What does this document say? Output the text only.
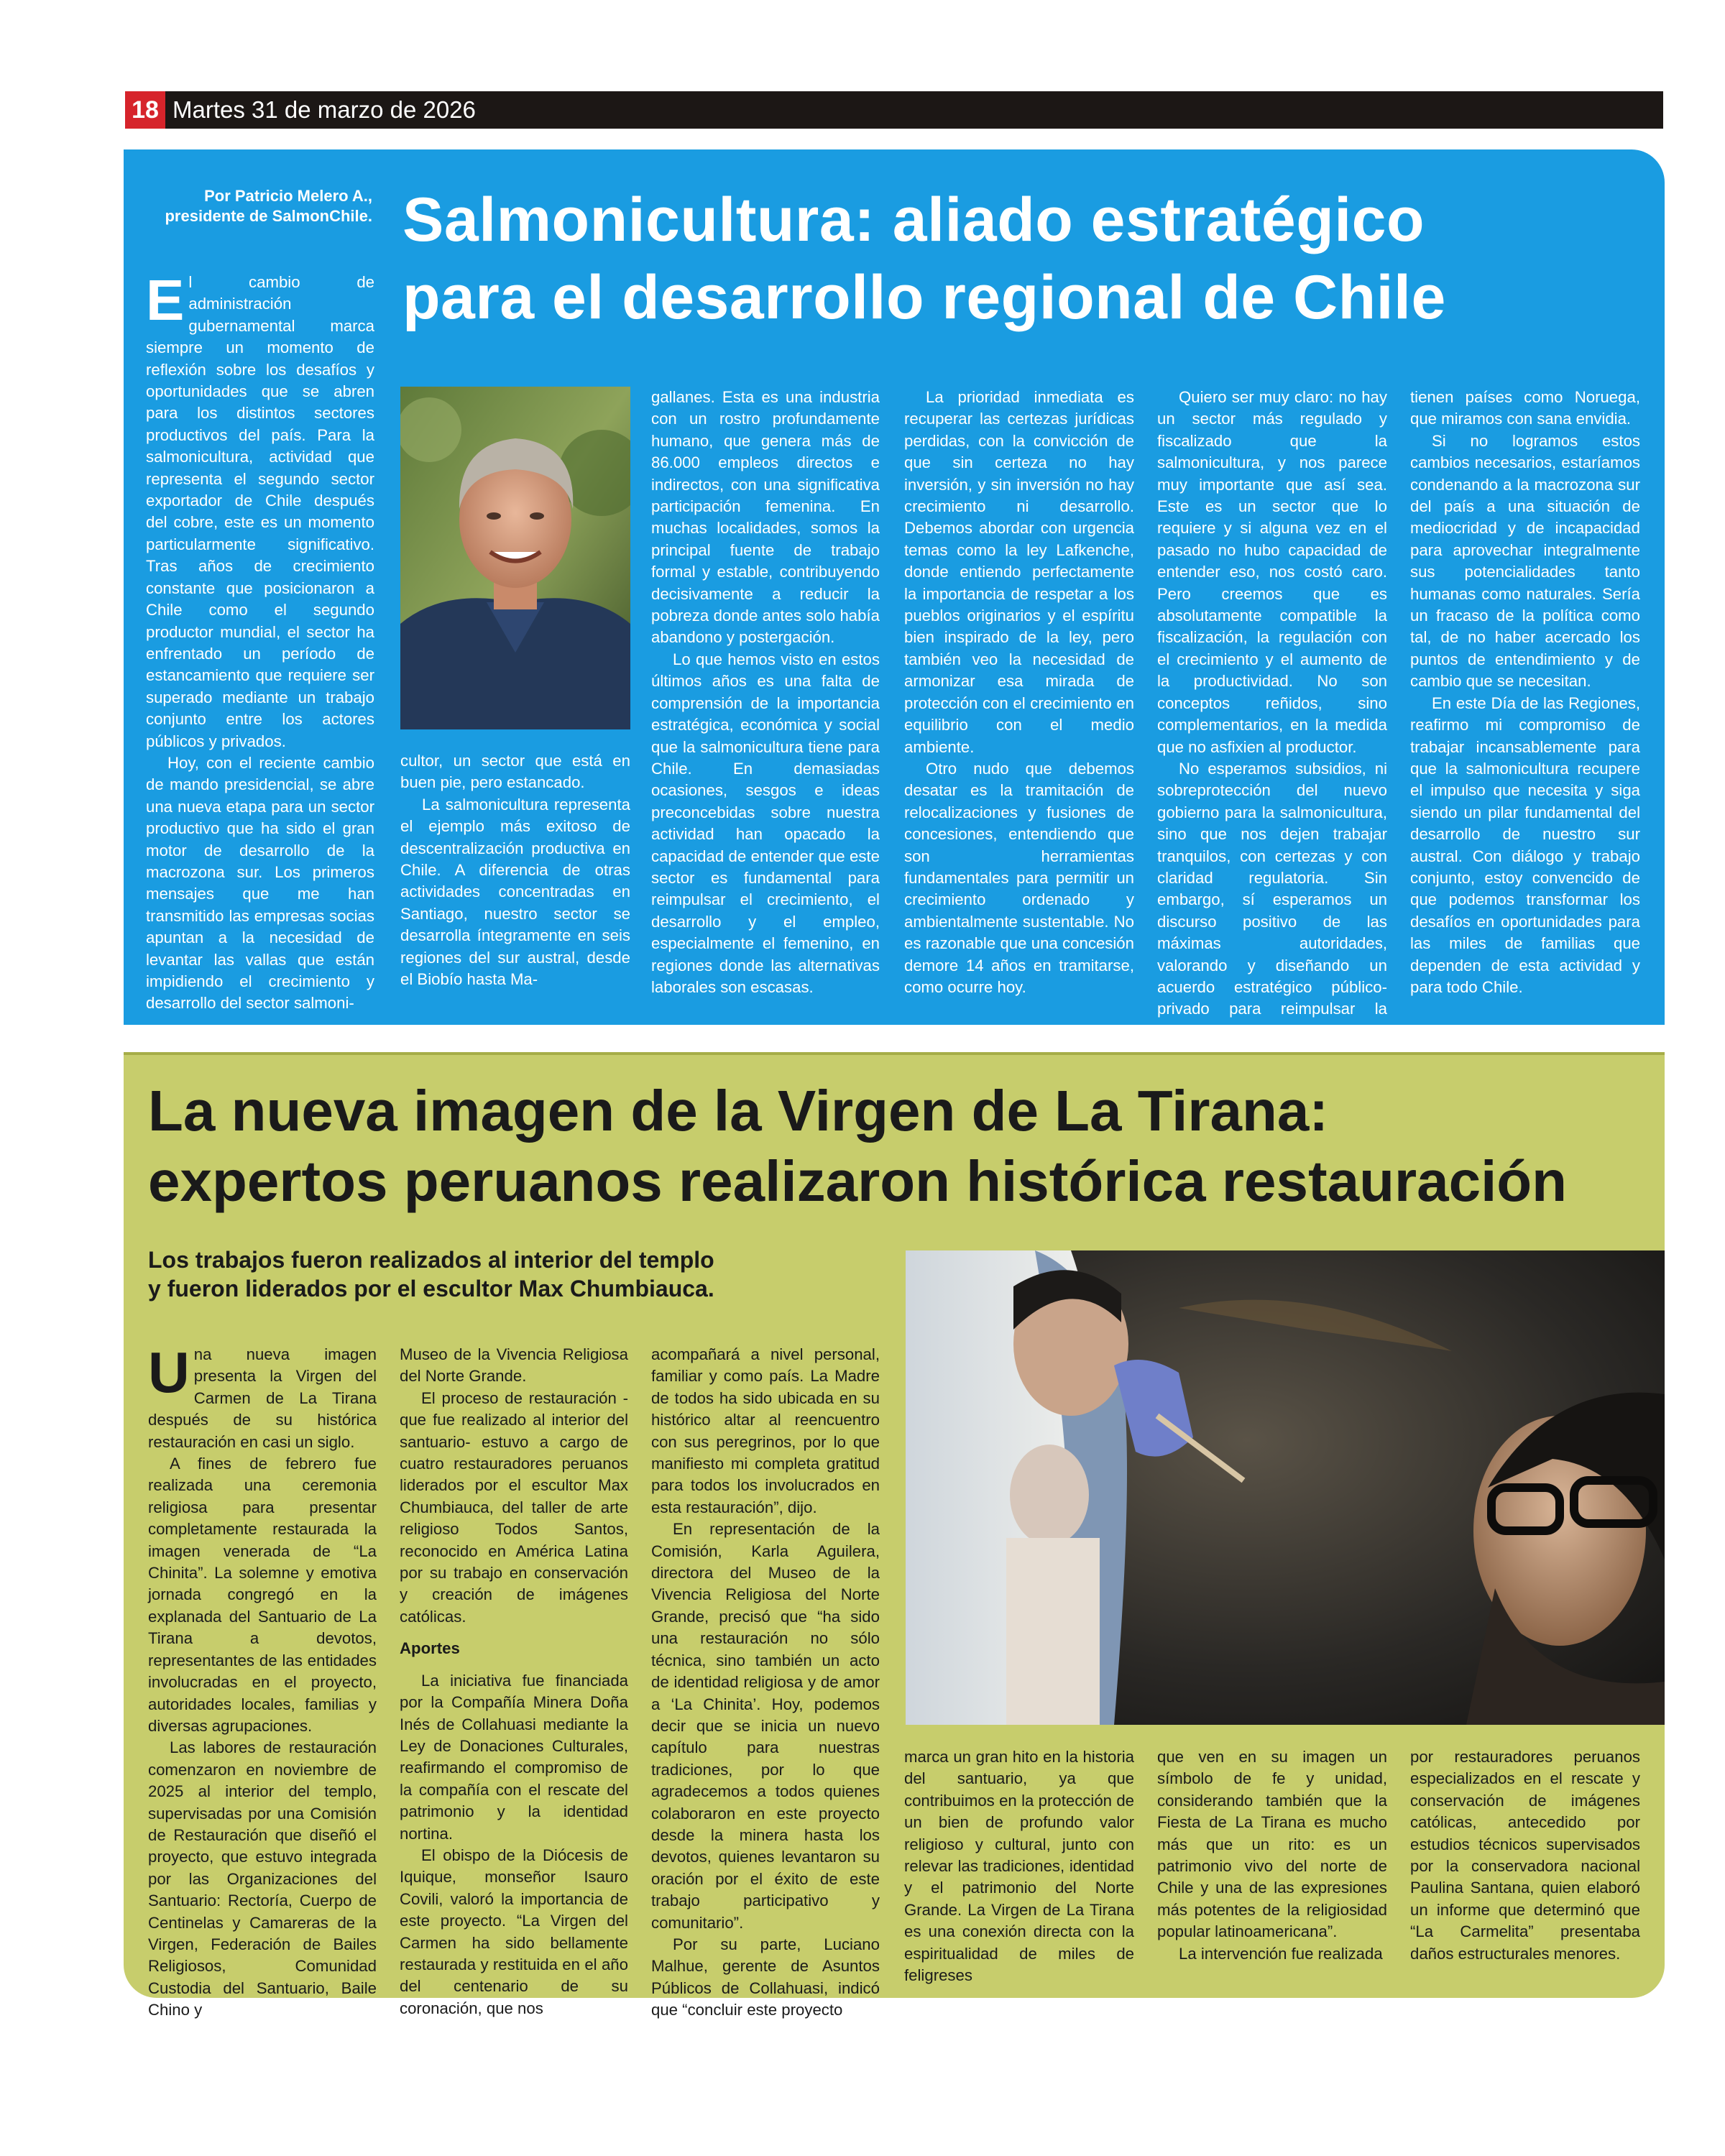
18 Martes 31 de marzo de 2026
Por Patricio Melero A.,
presidente de SalmonChile. Salmonicultura: aliado estratégico
para el desarrollo regional de Chile

El cambio de administración gubernamental marca siempre un momento de reflexión sobre los desafíos y oportunidades que se abren para los distintos sectores productivos del país. Para la salmonicultura, actividad que representa el segundo sector exportador de Chile después del cobre, este es un momento particularmente significativo. Tras años de crecimiento constante que posicionaron a Chile como el segundo productor mundial, el sector ha enfrentado un período de estancamiento que requiere ser superado mediante un trabajo conjunto entre los actores públicos y privados.

Hoy, con el reciente cambio de mando presidencial, se abre una nueva etapa para un sector productivo que ha sido el gran motor de desarrollo de la macrozona sur. Los primeros mensajes que me han transmitido las empresas socias apuntan a la necesidad de levantar las vallas que están impidiendo el crecimiento y desarrollo del sector salmoni-

cultor, un sector que está en buen pie, pero estancado.

La salmonicultura representa el ejemplo más exitoso de descentralización productiva en Chile. A diferencia de otras actividades concentradas en Santiago, nuestro sector se desarrolla íntegramente en seis regiones del sur austral, desde el Biobío hasta Ma-

gallanes. Esta es una industria con un rostro profundamente humano, que genera más de 86.000 empleos directos e indirectos, con una significativa participación femenina. En muchas localidades, somos la principal fuente de trabajo formal y estable, contribuyendo decisivamente a reducir la pobreza donde antes solo había abandono y postergación.

Lo que hemos visto en estos últimos años es una falta de comprensión de la importancia estratégica, económica y social que la salmonicultura tiene para Chile. En demasiadas ocasiones, sesgos e ideas preconcebidas sobre nuestra actividad han opacado la capacidad de entender que este sector es fundamental para reimpulsar el crecimiento, el desarrollo y el empleo, especialmente el femenino, en regiones donde las alternativas laborales son escasas.

La prioridad inmediata es recuperar las certezas jurídicas perdidas, con la convicción de que sin certeza no hay inversión, y sin inversión no hay crecimiento ni desarrollo. Debemos abordar con urgencia temas como la ley Lafkenche, donde entiendo perfectamente la importancia de respetar a los pueblos originarios y el espíritu bien inspirado de la ley, pero también veo la necesidad de armonizar esa mirada de protección con el crecimiento en equilibrio con el medio ambiente.

Otro nudo que debemos desatar es la tramitación de relocalizaciones y fusiones de concesiones, entendiendo que son herramientas fundamentales para permitir un crecimiento ordenado y ambientalmente sustentable. No es razonable que una concesión demore 14 años en tramitarse, como ocurre hoy.

Quiero ser muy claro: no hay un sector más regulado y fiscalizado que la salmonicultura, y nos parece muy importante que así sea. Este es un sector que lo requiere y si alguna vez en el pasado no hubo capacidad de entender eso, nos costó caro. Pero creemos que es absolutamente compatible la fiscalización, la regulación con el crecimiento y el aumento de la productividad. No son conceptos reñidos, sino complementarios, en la medida que no asfixien al productor.

No esperamos subsidios, ni sobreprotección del nuevo gobierno para la salmonicultura, sino que nos dejen trabajar tranquilos, con certezas y con claridad regulatoria. Sin embargo, sí esperamos un discurso positivo de las máximas autoridades, valorando y diseñando un acuerdo estratégico público-privado para reimpulsar la salmonicultura, como el que

tienen países como Noruega, que miramos con sana envidia.

Si no logramos estos cambios necesarios, estaríamos condenando a la macrozona sur del país a una situación de mediocridad y de incapacidad para aprovechar integralmente sus potencialidades tanto humanas como naturales. Sería un fracaso de la política como tal, de no haber acercado los puntos de entendimiento y de cambio que se necesitan.

En este Día de las Regiones, reafirmo mi compromiso de trabajar incansablemente para que la salmonicultura recupere el impulso que necesita y siga siendo un pilar fundamental del desarrollo de nuestro sur austral. Con diálogo y trabajo conjunto, estoy convencido de que podemos transformar los desafíos en oportunidades para las miles de familias que dependen de esta actividad y para todo Chile.

La nueva imagen de la Virgen de La Tirana:
expertos peruanos realizaron histórica restauración
Los trabajos fueron realizados al interior del templo
y fueron liderados por el escultor Max Chumbiauca.

Una nueva imagen presenta la Virgen del Carmen de La Tirana después de su histórica restauración en casi un siglo.

A fines de febrero fue realizada una ceremonia religiosa para presentar completamente restaurada la imagen venerada de “La Chinita”. La solemne y emotiva jornada congregó en la explanada del Santuario de La Tirana a devotos, representantes de las entidades involucradas en el proyecto, autoridades locales, familias y diversas agrupaciones.

Las labores de restauración comenzaron en noviembre de 2025 al interior del templo, supervisadas por una Comisión de Restauración que diseñó el proyecto, que estuvo integrada por las Organizaciones del Santuario: Rectoría, Cuerpo de Centinelas y Camareras de la Virgen, Federación de Bailes Religiosos, Comunidad Custodia del Santuario, Baile Chino y

Museo de la Vivencia Religiosa del Norte Grande.

El proceso de restauración - que fue realizado al interior del santuario- estuvo a cargo de cuatro restauradores peruanos liderados por el escultor Max Chumbiauca, del taller de arte religioso Todos Santos, reconocido en América Latina por su trabajo en conservación y creación de imágenes católicas.

Aportes

La iniciativa fue financiada por la Compañía Minera Doña Inés de Collahuasi mediante la Ley de Donaciones Culturales, reafirmando el compromiso de la compañía con el rescate del patrimonio y la identidad nortina.

El obispo de la Diócesis de Iquique, monseñor Isauro Covili, valoró la importancia de este proyecto. “La Virgen del Carmen ha sido bellamente restaurada y restituida en el año del centenario de su coronación, que nos

acompañará a nivel personal, familiar y como país. La Madre de todos ha sido ubicada en su histórico altar al reencuentro con sus peregrinos, por lo que manifiesto mi completa gratitud para todos los involucrados en esta restauración”, dijo.

En representación de la Comisión, Karla Aguilera, directora del Museo de la Vivencia Religiosa del Norte Grande, precisó que “ha sido una restauración no sólo técnica, sino también un acto de identidad religiosa y de amor a ‘La Chinita’. Hoy, podemos decir que se inicia un nuevo capítulo para nuestras tradiciones, por lo que agradecemos a todos quienes colaboraron en este proyecto desde la minera hasta los devotos, quienes levantaron su oración por el éxito de este trabajo participativo y comunitario”.

Por su parte, Luciano Malhue, gerente de Asuntos Públicos de Collahuasi, indicó que “concluir este proyecto

marca un gran hito en la historia del santuario, ya que contribuimos en la protección de un bien de profundo valor religioso y cultural, junto con relevar las tradiciones, identidad y el patrimonio del Norte Grande. La Virgen de La Tirana es una conexión directa con la espiritualidad de miles de feligreses

que ven en su imagen un símbolo de fe y unidad, considerando también que la Fiesta de La Tirana es mucho más que un rito: es un patrimonio vivo del norte de Chile y una de las expresiones más potentes de la religiosidad popular latinoamericana”.

La intervención fue realizada

por restauradores peruanos especializados en el rescate y conservación de imágenes católicas, antecedido por estudios técnicos supervisados por la conservadora nacional Paulina Santana, quien elaboró un informe que determinó que “La Carmelita” presentaba daños estructurales menores.
